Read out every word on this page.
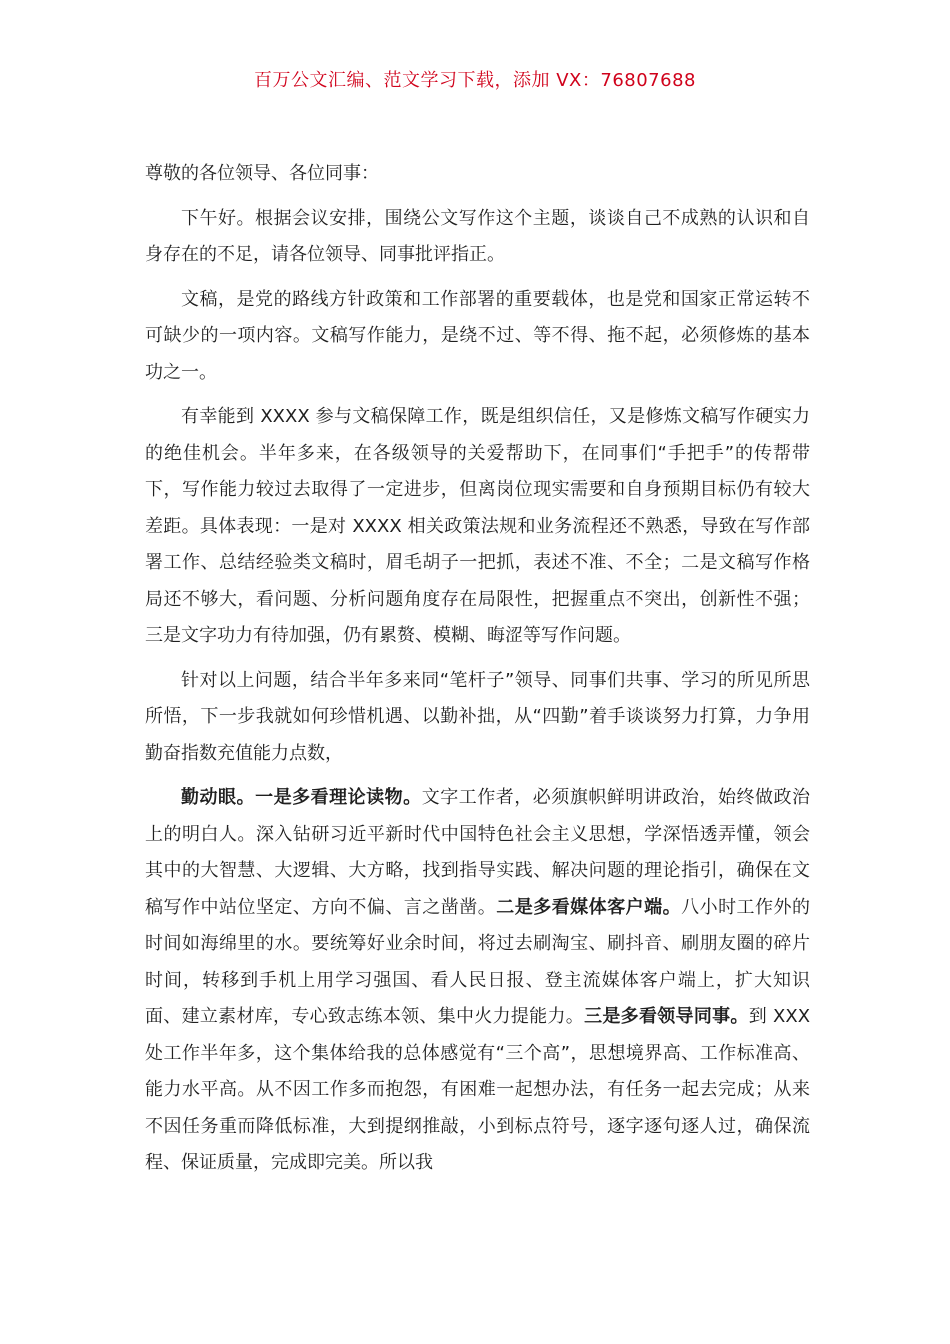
百万公文汇编、范文学习下载，添加 VX：76807688

尊敬的各位领导、各位同事：

下午好。根据会议安排，围绕公文写作这个主题，谈谈自己不成熟的认识和自身存在的不足，请各位领导、同事批评指正。

文稿，是党的路线方针政策和工作部署的重要载体，也是党和国家正常运转不可缺少的一项内容。文稿写作能力，是绕不过、等不得、拖不起，必须修炼的基本功之一。

有幸能到 XXXX 参与文稿保障工作，既是组织信任，又是修炼文稿写作硬实力的绝佳机会。半年多来，在各级领导的关爱帮助下，在同事们“手把手”的传帮带下，写作能力较过去取得了一定进步，但离岗位现实需要和自身预期目标仍有较大差距。具体表现：一是对 XXXX 相关政策法规和业务流程还不熟悉，导致在写作部署工作、总结经验类文稿时，眉毛胡子一把抓，表述不准、不全；二是文稿写作格局还不够大，看问题、分析问题角度存在局限性，把握重点不突出，创新性不强；三是文字功力有待加强，仍有累赘、模糊、晦涩等写作问题。

针对以上问题，结合半年多来同“笔杆子”领导、同事们共事、学习的所见所思所悟，下一步我就如何珍惜机遇、以勤补拙，从“四勤”着手谈谈努力打算，力争用勤奋指数充值能力点数，

勤动眼。一是多看理论读物。文字工作者，必须旗帜鲜明讲政治，始终做政治上的明白人。深入钻研习近平新时代中国特色社会主义思想，学深悟透弄懂，领会其中的大智慧、大逻辑、大方略，找到指导实践、解决问题的理论指引，确保在文稿写作中站位坚定、方向不偏、言之凿凿。二是多看媒体客户端。八小时工作外的时间如海绵里的水。要统筹好业余时间，将过去刷淘宝、刷抖音、刷朋友圈的碎片时间，转移到手机上用学习强国、看人民日报、登主流媒体客户端上，扩大知识面、建立素材库，专心致志练本领、集中火力提能力。三是多看领导同事。到 XXX 处工作半年多，这个集体给我的总体感觉有“三个高”，思想境界高、工作标准高、能力水平高。从不因工作多而抱怨，有困难一起想办法，有任务一起去完成；从来不因任务重而降低标准，大到提纲推敲，小到标点符号，逐字逐句逐人过，确保流程、保证质量，完成即完美。所以我
